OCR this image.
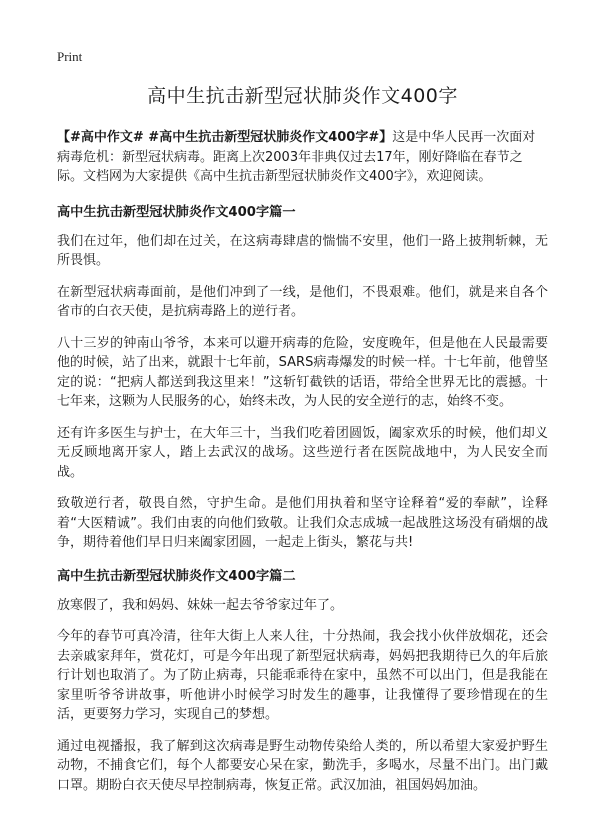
Print
高中生抗击新型冠状肺炎作文400字

【#高中作文# #高中生抗击新型冠状肺炎作文400字#】这是中华人民再一次面对病毒危机：新型冠状病毒。距离上次2003年非典仅过去17年，刚好降临在春节之际。文档网为大家提供《高中生抗击新型冠状肺炎作文400字》，欢迎阅读。

高中生抗击新型冠状肺炎作文400字篇一

我们在过年，他们却在过关，在这病毒肆虐的惴惴不安里，他们一路上披荆斩棘，无所畏惧。

在新型冠状病毒面前，是他们冲到了一线，是他们，不畏艰难。他们，就是来自各个省市的白衣天使，是抗病毒路上的逆行者。

八十三岁的钟南山爷爷，本来可以避开病毒的危险，安度晚年，但是他在人民最需要他的时候，站了出来，就跟十七年前，SARS病毒爆发的时候一样。十七年前，他曾坚定的说：“把病人都送到我这里来！”这斩钉截铁的话语，带给全世界无比的震撼。十七年来，这颗为人民服务的心，始终未改，为人民的安全逆行的志，始终不变。

还有许多医生与护士，在大年三十，当我们吃着团圆饭，阖家欢乐的时候，他们却义无反顾地离开家人，踏上去武汉的战场。这些逆行者在医院战地中，为人民安全而战。

致敬逆行者，敬畏自然，守护生命。是他们用执着和坚守诠释着“爱的奉献”，诠释着“大医精诚”。我们由衷的向他们致敬。让我们众志成城一起战胜这场没有硝烟的战争，期待着他们早日归来阖家团圆，一起走上街头，繁花与共!

高中生抗击新型冠状肺炎作文400字篇二

放寒假了，我和妈妈、妹妹一起去爷爷家过年了。

今年的春节可真冷清，往年大街上人来人往，十分热闹，我会找小伙伴放烟花，还会去亲戚家拜年，赏花灯，可是今年出现了新型冠状病毒，妈妈把我期待已久的年后旅行计划也取消了。为了防止病毒，只能乖乖待在家中，虽然不可以出门，但是我能在家里听爷爷讲故事，听他讲小时候学习时发生的趣事，让我懂得了要珍惜现在的生活，更要努力学习，实现自己的梦想。

通过电视播报，我了解到这次病毒是野生动物传染给人类的，所以希望大家爱护野生动物，不捕食它们，每个人都要安心呆在家，勤洗手，多喝水，尽量不出门。出门戴口罩。期盼白衣天使尽早控制病毒，恢复正常。武汉加油，祖国妈妈加油。
